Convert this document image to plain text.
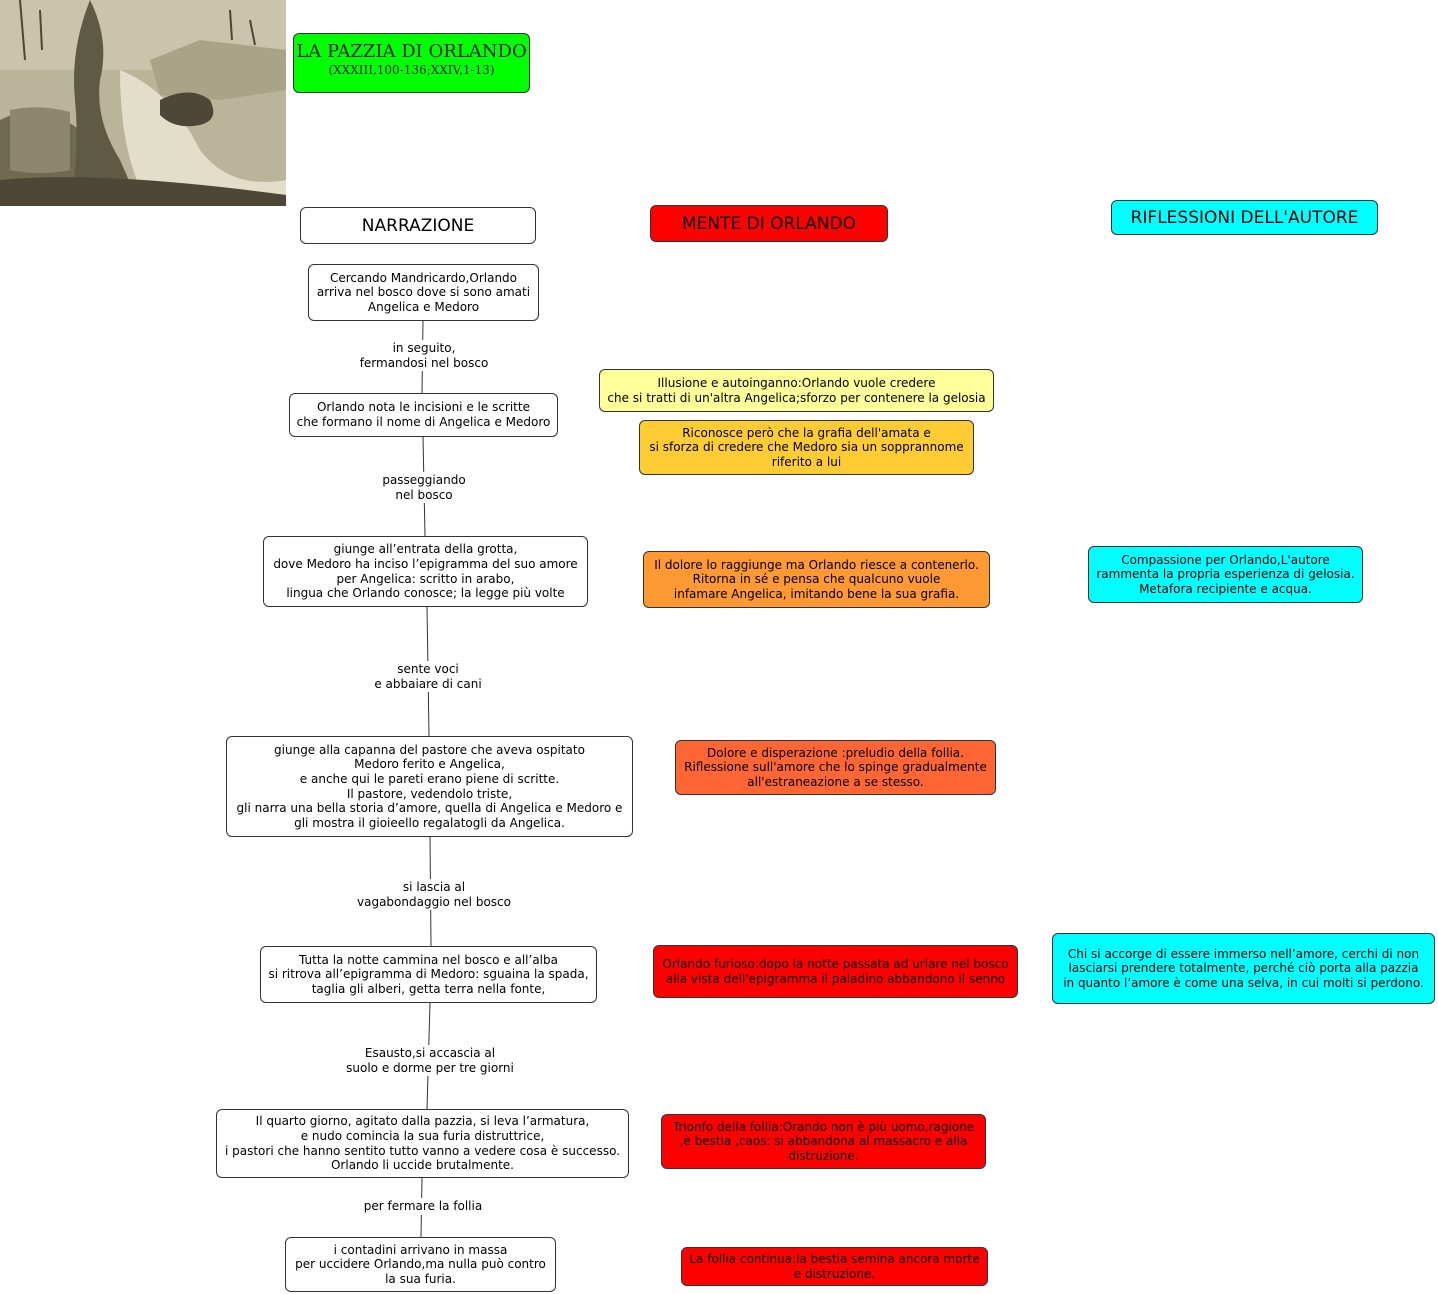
LA PAZZIA DI ORLANDO
(XXXIII,100-136;XXIV,1-13)
NARRAZIONE	MENTE DI ORLANDO	RIFLESSIONI DELL'AUTORE
Cercando Mandricardo,Orlando
arriva nel bosco dove si sono amati
Angelica e Medoro
Orlando nota le incisioni e le scritte
che formano il nome di Angelica e Medoro
giunge all’entrata della grotta,
dove Medoro ha inciso l’epigramma del suo amore
per Angelica: scritto in arabo,
lingua che Orlando conosce; la legge più volte
giunge alla capanna del pastore che aveva ospitato
Medoro ferito e Angelica,
e anche qui le pareti erano piene di scritte.
Il pastore, vedendolo triste,
gli narra una bella storia d’amore, quella di Angelica e Medoro e
gli mostra il gioieello regalatogli da Angelica.
Tutta la notte cammina nel bosco e all’alba
si ritrova all’epigramma di Medoro: sguaina la spada,
taglia gli alberi, getta terra nella fonte,
Il quarto giorno, agitato dalla pazzia, si leva l’armatura,
e nudo comincia la sua furia distruttrice,
i pastori che hanno sentito tutto vanno a vedere cosa è successo.
Orlando li uccide brutalmente.
i contadini arrivano in massa
per uccidere Orlando,ma nulla può contro
la sua furia.
in seguito,
fermandosi nel bosco
passeggiando
nel bosco
sente voci
e abbaiare di cani
si lascia al
vagabondaggio nel bosco
Esausto,si accascia al
suolo e dorme per tre giorni
per fermare la follia
Illusione e autoinganno:Orlando vuole credere
che si tratti di un'altra Angelica;sforzo per contenere la gelosia
Riconosce però che la grafia dell'amata e
si sforza di credere che Medoro sia un sopprannome
riferito a lui
Il dolore lo raggiunge ma Orlando riesce a contenerlo.
Ritorna in sé e pensa che qualcuno vuole
infamare Angelica, imitando bene la sua grafia.
Dolore e disperazione :preludio della follia.
Riflessione sull'amore che lo spinge gradualmente
all'estraneazione a se stesso.
Orlando furioso:dopo la notte passata ad urlare nel bosco
alla vista dell'epigramma il paladino abbandono il senno
Trionfo della follia:Orando non è più uomo,ragione
,è bestia ,caos: si abbandona al massacro e alla
distruzione.
La follia continua:la bestia semina ancora morte
e distruzione.
Compassione per Orlando,L'autore
rammenta la propria esperienza di gelosia.
Metafora recipiente e acqua.
Chi si accorge di essere immerso nell’amore, cerchi di non
lasciarsi prendere totalmente, perché ciò porta alla pazzia
in quanto l’amore è come una selva, in cui molti si perdono.
